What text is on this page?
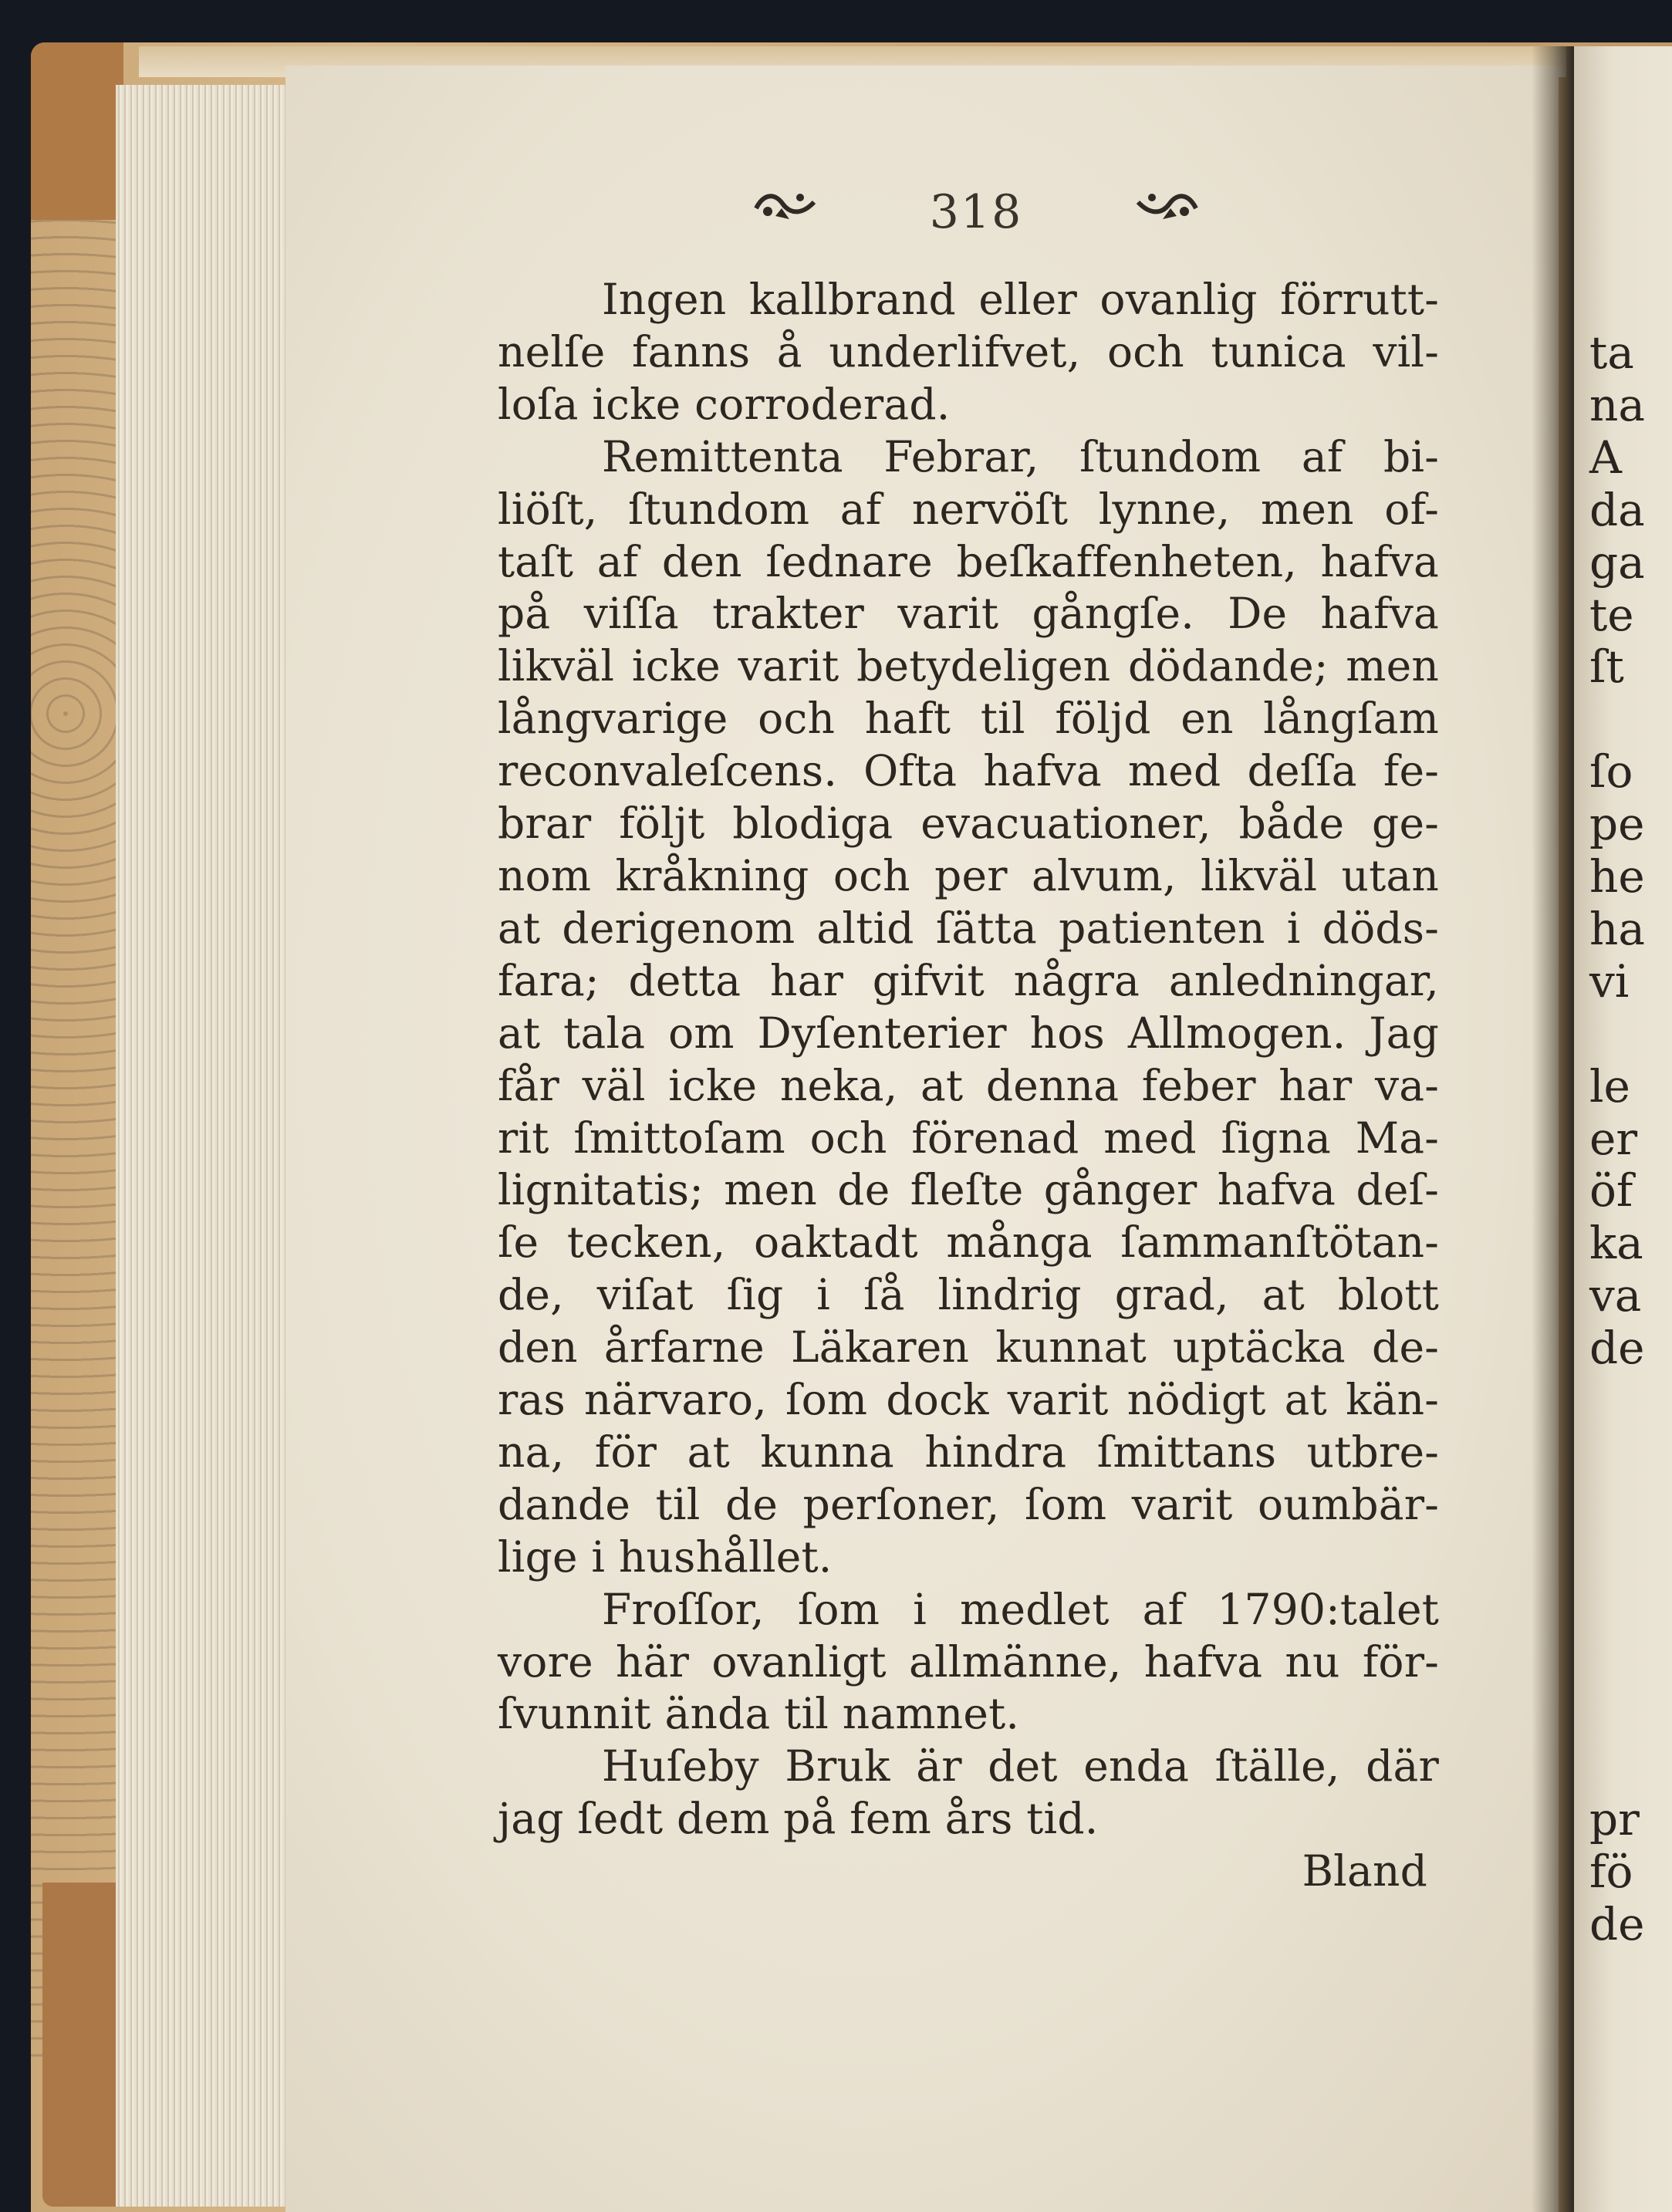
318
Ingen kallbrand eller ovanlig förrutt-
nelſe fanns å underlifvet, och tunica vil-
loſa icke corroderad.
Remittenta Febrar, ſtundom af bi-
liöſt, ſtundom af nervöſt lynne, men of-
taſt af den ſednare beſkaffenheten, hafva
på viſſa trakter varit gångſe. De hafva
likväl icke varit betydeligen dödande; men
långvarige och haft til följd en långſam
reconvaleſcens. Ofta hafva med deſſa fe-
brar följt blodiga evacuationer, både ge-
nom kråkning och per alvum, likväl utan
at derigenom altid ſätta patienten i döds-
fara; detta har gifvit några anledningar,
at tala om Dyſenterier hos Allmogen. Jag
får väl icke neka, at denna feber har va-
rit ſmittoſam och förenad med ſigna Ma-
lignitatis; men de fleſte gånger hafva deſ-
ſe tecken, oaktadt många ſammanſtötan-
de, viſat ſig i ſå lindrig grad, at blott
den årfarne Läkaren kunnat uptäcka de-
ras närvaro, ſom dock varit nödigt at kän-
na, för at kunna hindra ſmittans utbre-
dande til de perſoner, ſom varit oumbär-
lige i hushållet.
Froſſor, ſom i medlet af 1790:talet
vore här ovanligt allmänne, hafva nu för-
ſvunnit ända til namnet.
Huſeby Bruk är det enda ſtälle, där
jag ſedt dem på fem års tid.
Bland
ta
na
A
da
ga
te
ſt
ſo
pe
he
ha
vi
le
er
öf
ka
va
de
pr
fö
de
